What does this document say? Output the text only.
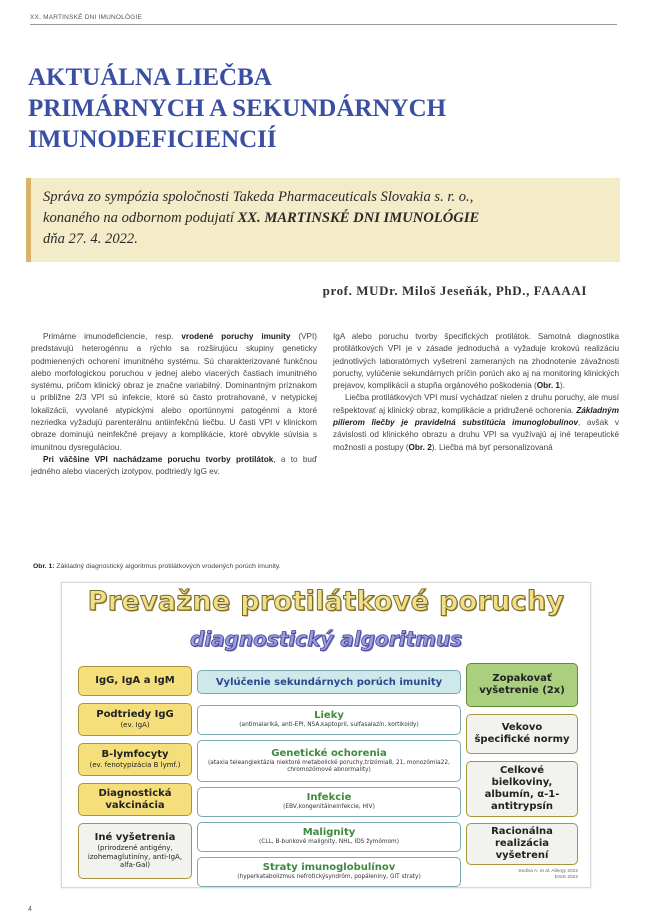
XX. MARTINSKÉ DNI IMUNOLÓGIE
AKTUÁLNA LIEČBA
PRIMÁRNYCH A SEKUNDÁRNYCH
IMUNODEFICIENCIÍ
Správa zo sympózia spoločnosti Takeda Pharmaceuticals Slovakia s. r. o.,
konaného na odbornom podujatí XX. MARTINSKÉ DNI IMUNOLÓGIE
dňa 27. 4. 2022.
prof. MUDr. Miloš Jeseňák, PhD., FAAAAI

Primárne imunodeficiencie, resp. vrodené poruchy imunity (VPI) predstavujú heterogénnu a rýchlo sa rozširujúcu skupiny geneticky podmienených ochorení imunitného systému. Sú charakterizované funkčnou alebo morfologickou poruchou v jednej alebo viacerých častiach imunitného systému, pričom klinický obraz je značne variabilný. Dominantným príznakom u približne 2/3 VPI sú infekcie, ktoré sú často protrahované, v netypickej lokalizácii, vyvolané atypickými alebo oportúnnymi patogénmi a ktoré nezriedka vyžadujú parenterálnu antiinfekčnú liečbu. U časti VPI v klinickom obraze dominujú neinfekčné prejavy a komplikácie, ktoré obvykle súvisia s imunitnou dysreguláciou.

Pri väčšine VPI nachádzame poruchu tvorby protilátok, a to buď jedného alebo viacerých izotypov, podtried/y IgG ev.

IgA alebo poruchu tvorby špecifických protilátok. Samotná diagnostika protilátkových VPI je v zásade jednoduchá a vyžaduje krokovú realizáciu jednotlivých laboratórnych vyšetrení zameraných na zhodnotenie závažnosti poruchy, vylúčenie sekundárnych príčin porúch ako aj na monitoring klinických prejavov, komplikácií a stupňa orgánového poškodenia (Obr. 1).

Liečba protilátkových VPI musí vychádzať nielen z druhu poruchy, ale musí rešpektovať aj klinický obraz, komplikácie a pridružené ochorenia. Základným pilierom liečby je pravidelná substitúcia imunoglobulínov, avšak v závislosti od klinického obrazu a druhu VPI sa využívajú aj iné terapeutické možnosti a postupy (Obr. 2). Liečba má byť personalizovaná

Obr. 1: Základný diagnostický algoritmus protilátkových vrodených porúch imunity.
Prevažne protilátkové poruchy
diagnostický algoritmus
IgG, IgA a IgM
Podtriedy IgG
(ev. IgA)
B-lymfocyty
(ev. fenotypizácia B lymf.)
Diagnostická vakcinácia
Iné vyšetrenia
(prirodzené antigény, izohemaglutiníny, anti-IgA, alfa-Gal)
Vylúčenie sekundárnych porúch imunity
Lieky
(antimalariká, anti-EPI, NSA,kaptopril, sulfasalazín, kortikoidy)
Genetické ochorenia
(ataxia teleangiektázia niektoré metabolické poruchy,trizómia8, 21, monozómia22, chromozómové abnormality)
Infekcie
(EBV,kongenitálneinfekcie, HIV)
Malignity
(CLL, B-bunkové malignity, NHL, IDS žymómom)
Straty imunoglobulínov
(hyperkatabolizmus nefrotickýsyndróm, popáleniny, GIT straty)
Zopakovať vyšetrenie (2x)
Vekovo špecifické normy
Celkové bielkoviny, albumín, α-1-antitrypsín
Racionálna realizácia vyšetrení
Sediva A. et al. Allergy 2022
ESID 2022
4
